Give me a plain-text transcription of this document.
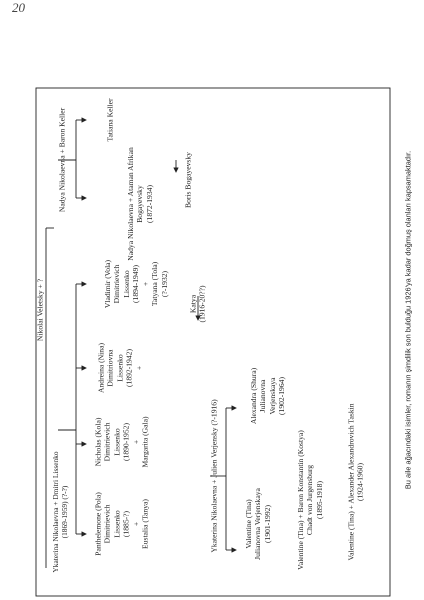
20
Nikolai Veletsky + ?
Ykaterina Nikolaevna + Dmitri Lissenko (1869-1959) (?-?)
Nadya Nikolaevna + Baron Keller
Panthelemone (Pola) Dimitrievich Lissenko (1885-?) + Eustalia (Tanya)
Nicholas (Kola) Dimitrievich Lissenko (1890-1952) + Margarita (Gala)
Andreina (Nina) Dimitriovna Lissenko (1892-1942) +
Vladimir (Vola) Dimitrievich Lissenko (1894-1949) + Tatyana (Tola) (?-1932)
Katya (1916-20??)
Tatiana Keller
Nadya Nikolaevna + Ataman Afrikan Bogayevsky (1872-1934)	Boris Bogayevsky
Ykaterina Nikolaevna + Julien Verjensky (?-1916)	Valentine (Tina) Julianovna Verjenskaya (1901-1992)
Alexandra (Shura) Julianovna Verjenskaya (1902-1964)
Valentine (Tina) + Baron Konstantin (Kostya) Chadt von Jurgensburg (1895-1918)	Valentine (Tina) + Alexander Alexandrovich Taskin (1924-1960)	Bu aile ağacındaki isimler, romanın şimdilik son bulduğu 1926'ya kadar doğmuş olanları kapsamaktadır.
